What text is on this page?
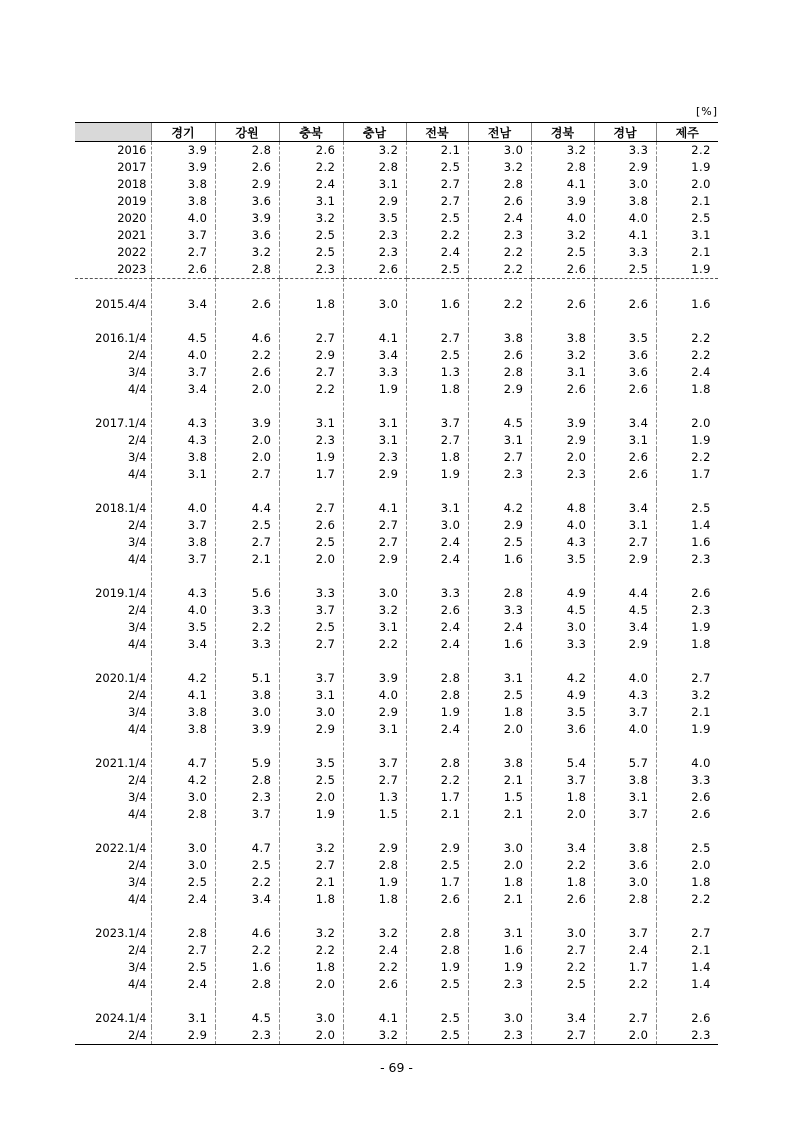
[%]
	경기	강원	충북	충남	전북	전남	경북	경남	제주
2016	3.9	2.8	2.6	3.2	2.1	3.0	3.2	3.3	2.2
2017	3.9	2.6	2.2	2.8	2.5	3.2	2.8	2.9	1.9
2018	3.8	2.9	2.4	3.1	2.7	2.8	4.1	3.0	2.0
2019	3.8	3.6	3.1	2.9	2.7	2.6	3.9	3.8	2.1
2020	4.0	3.9	3.2	3.5	2.5	2.4	4.0	4.0	2.5
2021	3.7	3.6	2.5	2.3	2.2	2.3	3.2	4.1	3.1
2022	2.7	3.2	2.5	2.3	2.4	2.2	2.5	3.3	2.1
2023	2.6	2.8	2.3	2.6	2.5	2.2	2.6	2.5	1.9

2015.4/4	3.4	2.6	1.8	3.0	1.6	2.2	2.6	2.6	1.6

2016.1/4	4.5	4.6	2.7	4.1	2.7	3.8	3.8	3.5	2.2
2/4	4.0	2.2	2.9	3.4	2.5	2.6	3.2	3.6	2.2
3/4	3.7	2.6	2.7	3.3	1.3	2.8	3.1	3.6	2.4
4/4	3.4	2.0	2.2	1.9	1.8	2.9	2.6	2.6	1.8

2017.1/4	4.3	3.9	3.1	3.1	3.7	4.5	3.9	3.4	2.0
2/4	4.3	2.0	2.3	3.1	2.7	3.1	2.9	3.1	1.9
3/4	3.8	2.0	1.9	2.3	1.8	2.7	2.0	2.6	2.2
4/4	3.1	2.7	1.7	2.9	1.9	2.3	2.3	2.6	1.7

2018.1/4	4.0	4.4	2.7	4.1	3.1	4.2	4.8	3.4	2.5
2/4	3.7	2.5	2.6	2.7	3.0	2.9	4.0	3.1	1.4
3/4	3.8	2.7	2.5	2.7	2.4	2.5	4.3	2.7	1.6
4/4	3.7	2.1	2.0	2.9	2.4	1.6	3.5	2.9	2.3

2019.1/4	4.3	5.6	3.3	3.0	3.3	2.8	4.9	4.4	2.6
2/4	4.0	3.3	3.7	3.2	2.6	3.3	4.5	4.5	2.3
3/4	3.5	2.2	2.5	3.1	2.4	2.4	3.0	3.4	1.9
4/4	3.4	3.3	2.7	2.2	2.4	1.6	3.3	2.9	1.8

2020.1/4	4.2	5.1	3.7	3.9	2.8	3.1	4.2	4.0	2.7
2/4	4.1	3.8	3.1	4.0	2.8	2.5	4.9	4.3	3.2
3/4	3.8	3.0	3.0	2.9	1.9	1.8	3.5	3.7	2.1
4/4	3.8	3.9	2.9	3.1	2.4	2.0	3.6	4.0	1.9

2021.1/4	4.7	5.9	3.5	3.7	2.8	3.8	5.4	5.7	4.0
2/4	4.2	2.8	2.5	2.7	2.2	2.1	3.7	3.8	3.3
3/4	3.0	2.3	2.0	1.3	1.7	1.5	1.8	3.1	2.6
4/4	2.8	3.7	1.9	1.5	2.1	2.1	2.0	3.7	2.6

2022.1/4	3.0	4.7	3.2	2.9	2.9	3.0	3.4	3.8	2.5
2/4	3.0	2.5	2.7	2.8	2.5	2.0	2.2	3.6	2.0
3/4	2.5	2.2	2.1	1.9	1.7	1.8	1.8	3.0	1.8
4/4	2.4	3.4	1.8	1.8	2.6	2.1	2.6	2.8	2.2

2023.1/4	2.8	4.6	3.2	3.2	2.8	3.1	3.0	3.7	2.7
2/4	2.7	2.2	2.2	2.4	2.8	1.6	2.7	2.4	2.1
3/4	2.5	1.6	1.8	2.2	1.9	1.9	2.2	1.7	1.4
4/4	2.4	2.8	2.0	2.6	2.5	2.3	2.5	2.2	1.4

2024.1/4	3.1	4.5	3.0	4.1	2.5	3.0	3.4	2.7	2.6
2/4	2.9	2.3	2.0	3.2	2.5	2.3	2.7	2.0	2.3
- 69 -
